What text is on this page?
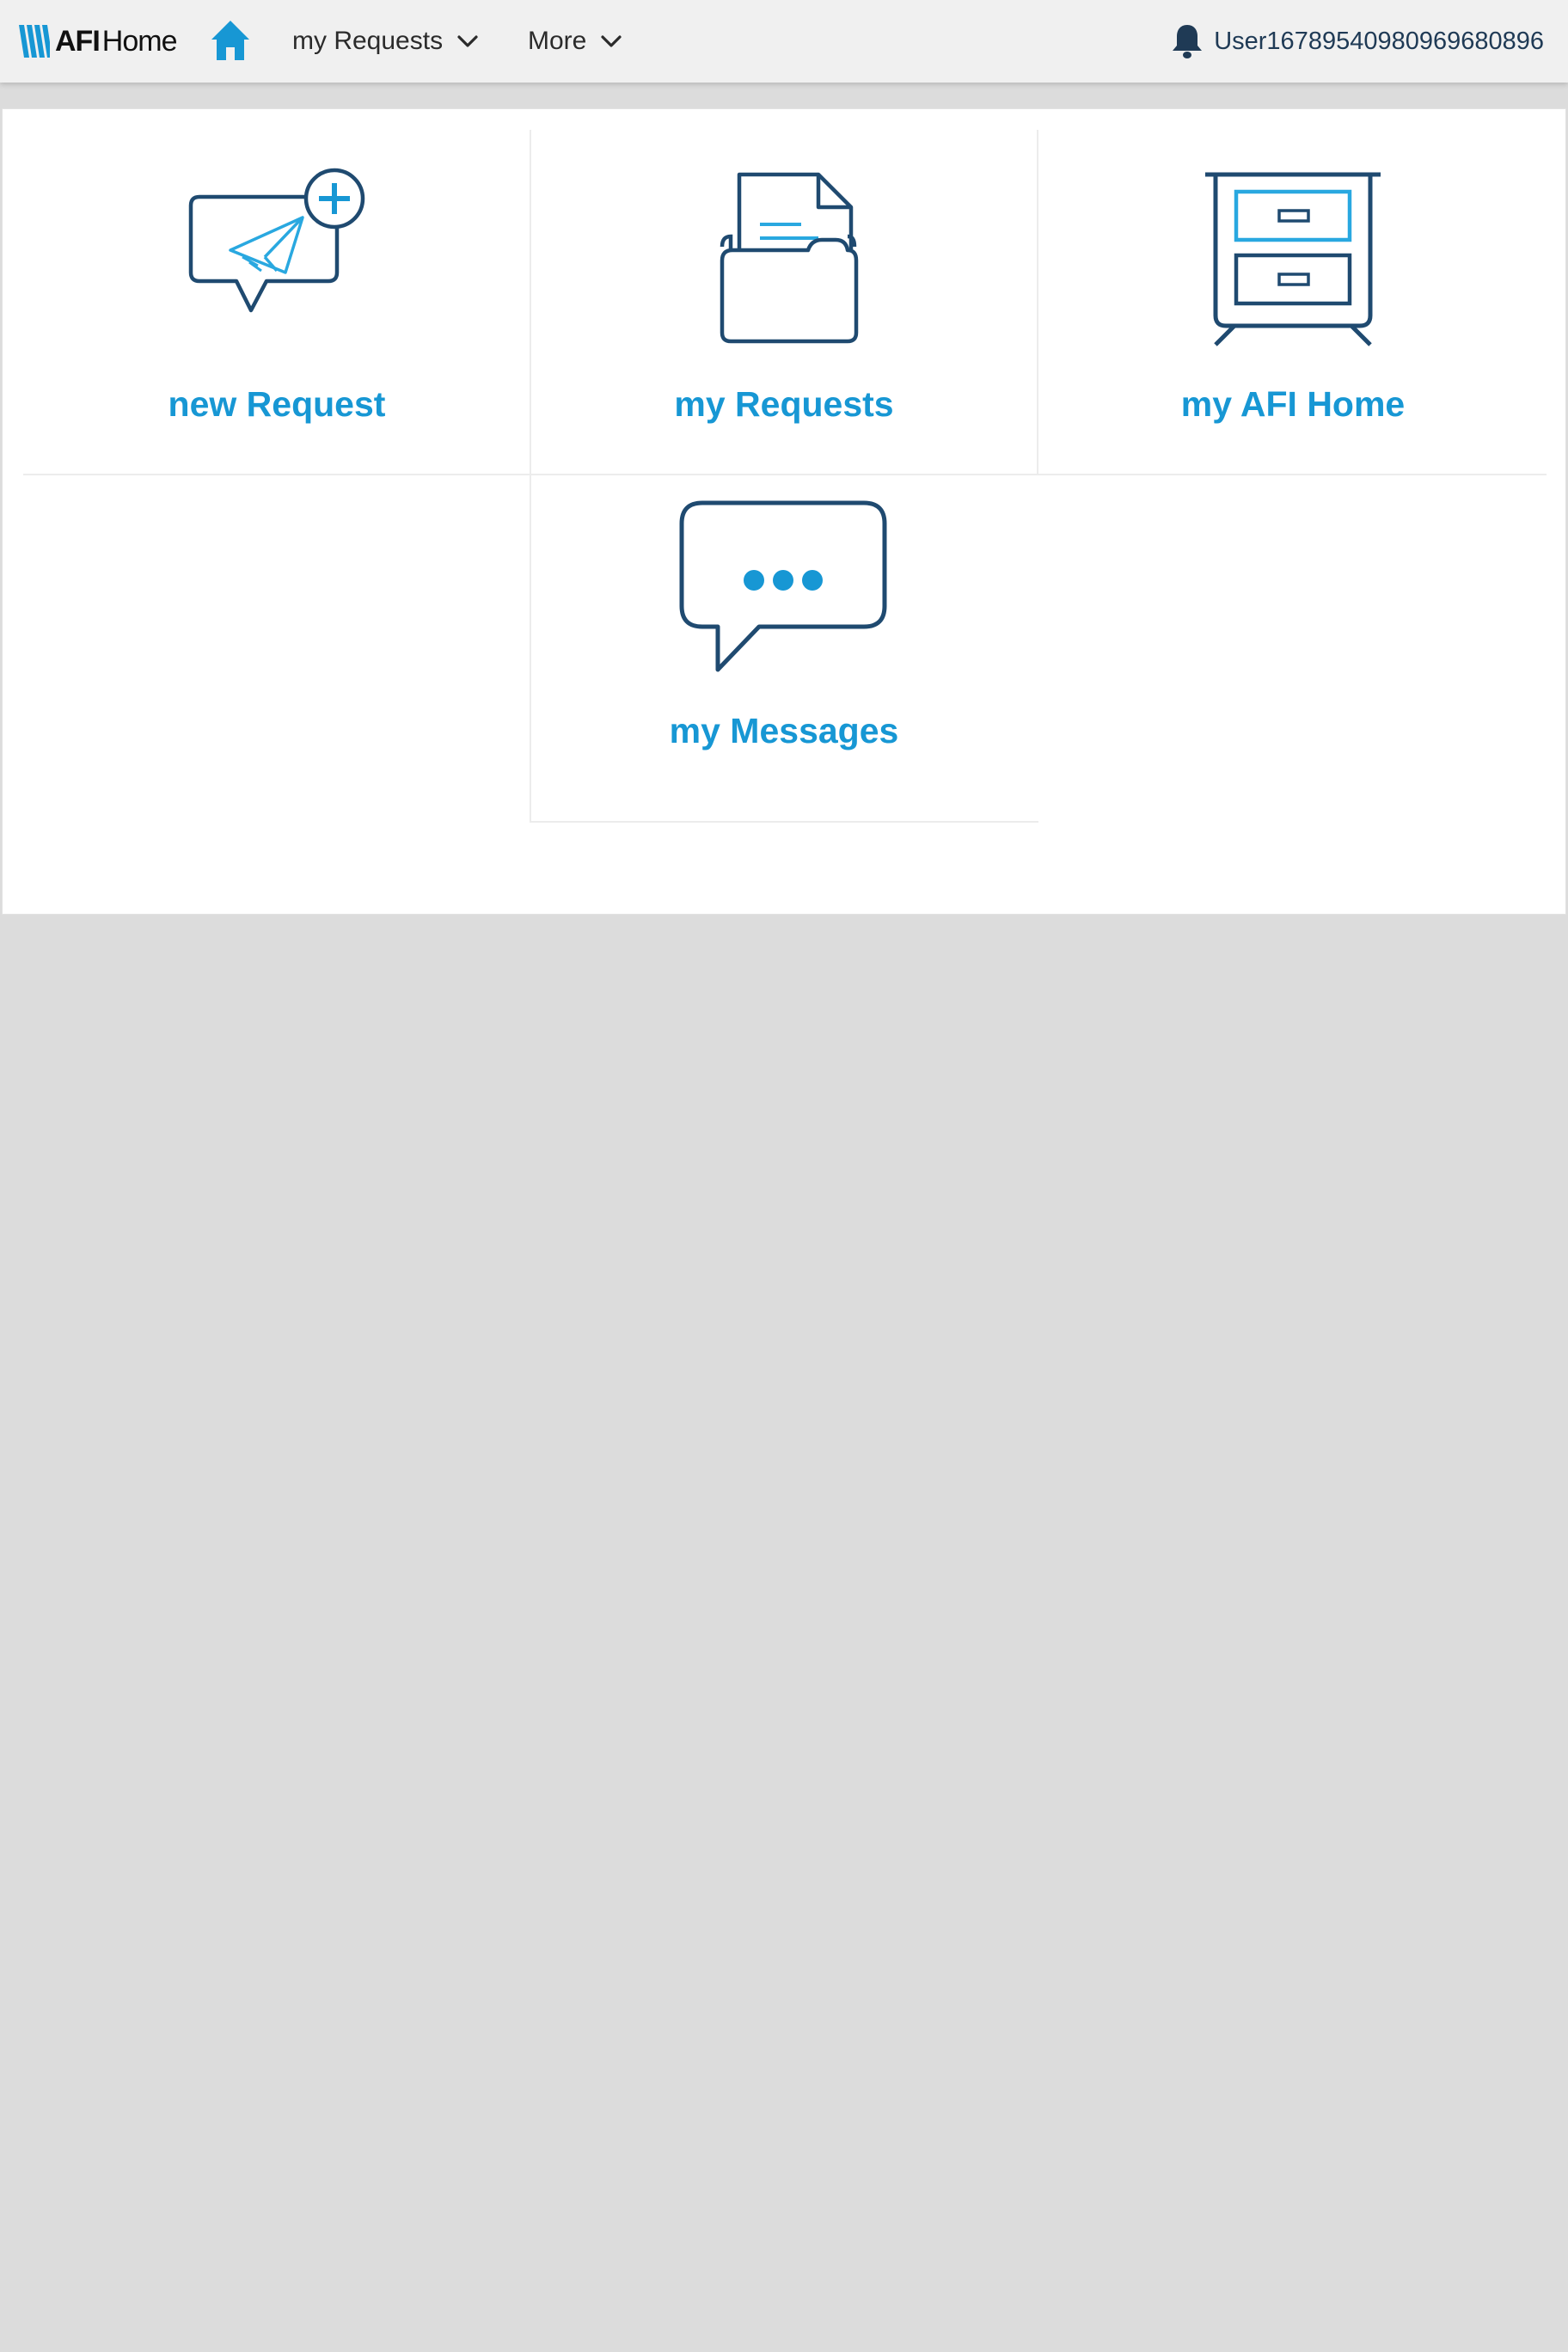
AFI Home	my Requests	More	User16789540980969680896
new Request	my Requests	my AFI Home
my Messages
